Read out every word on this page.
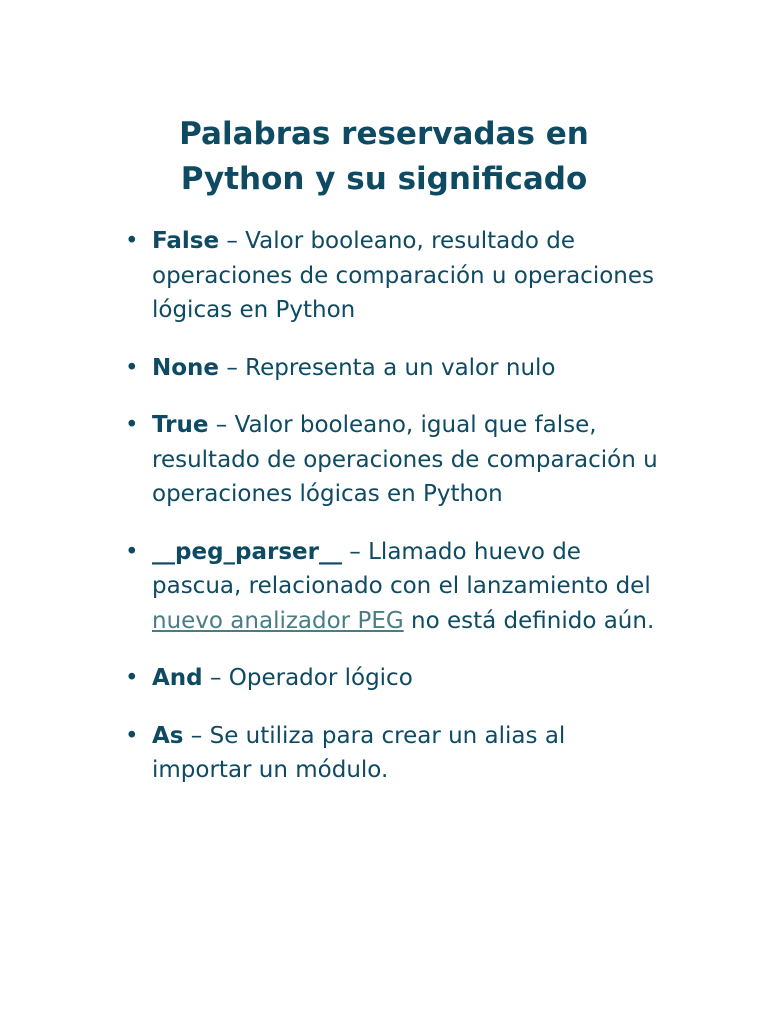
Palabras reservadas en
Python y su significado
• False – Valor booleano, resultado de operaciones de comparación u operaciones lógicas en Python
• None – Representa a un valor nulo
• True – Valor booleano, igual que false, resultado de operaciones de comparación u operaciones lógicas en Python
• __peg_parser__ – Llamado huevo de pascua, relacionado con el lanzamiento del nuevo analizador PEG no está definido aún.
• And – Operador lógico
• As – Se utiliza para crear un alias al importar un módulo.
